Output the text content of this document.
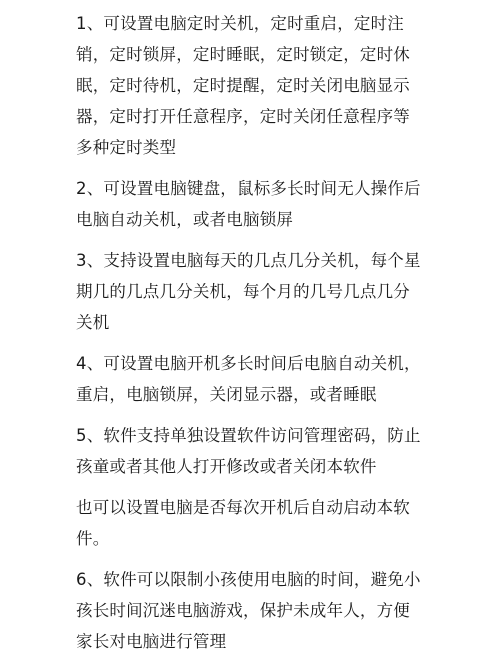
1、可设置电脑定时关机，定时重启，定时注销，定时锁屏，定时睡眠，定时锁定，定时休眠，定时待机，定时提醒，定时关闭电脑显示器，定时打开任意程序，定时关闭任意程序等多种定时类型

2、可设置电脑键盘，鼠标多长时间无人操作后电脑自动关机，或者电脑锁屏

3、支持设置电脑每天的几点几分关机，每个星期几的几点几分关机，每个月的几号几点几分关机

4、可设置电脑开机多长时间后电脑自动关机，重启，电脑锁屏，关闭显示器，或者睡眠

5、软件支持单独设置软件访问管理密码，防止孩童或者其他人打开修改或者关闭本软件

也可以设置电脑是否每次开机后自动启动本软件。

6、软件可以限制小孩使用电脑的时间，避免小孩长时间沉迷电脑游戏，保护未成年人，方便家长对电脑进行管理
